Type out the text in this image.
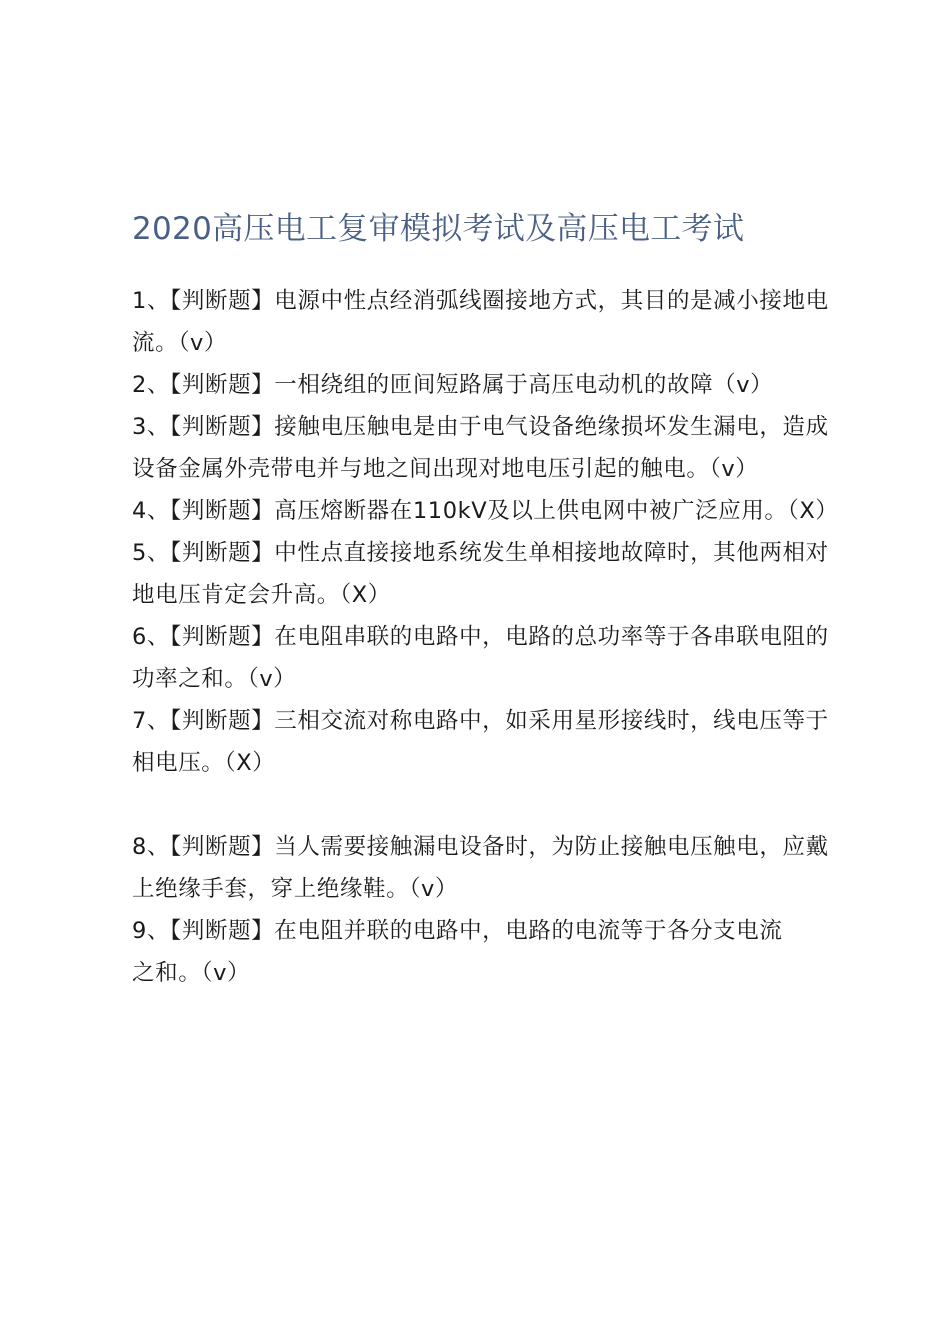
2020高压电工复审模拟考试及高压电工考试
1、【判断题】电源中性点经消弧线圈接地方式，其目的是减小接地电流。（v）
2、【判断题】一相绕组的匝间短路属于高压电动机的故障（v）
3、【判断题】接触电压触电是由于电气设备绝缘损坏发生漏电，造成设备金属外壳带电并与地之间出现对地电压引起的触电。（v）
4、【判断题】高压熔断器在110kV及以上供电网中被广泛应用。（X）
5、【判断题】中性点直接接地系统发生单相接地故障时，其他两相对地电压肯定会升高。（X）
6、【判断题】在电阻串联的电路中，电路的总功率等于各串联电阻的功率之和。（v）
7、【判断题】三相交流对称电路中，如采用星形接线时，线电压等于相电压。（X）
8、【判断题】当人需要接触漏电设备时，为防止接触电压触电，应戴上绝缘手套，穿上绝缘鞋。（v）
9、【判断题】在电阻并联的电路中，电路的电流等于各分支电流之和。（v）
